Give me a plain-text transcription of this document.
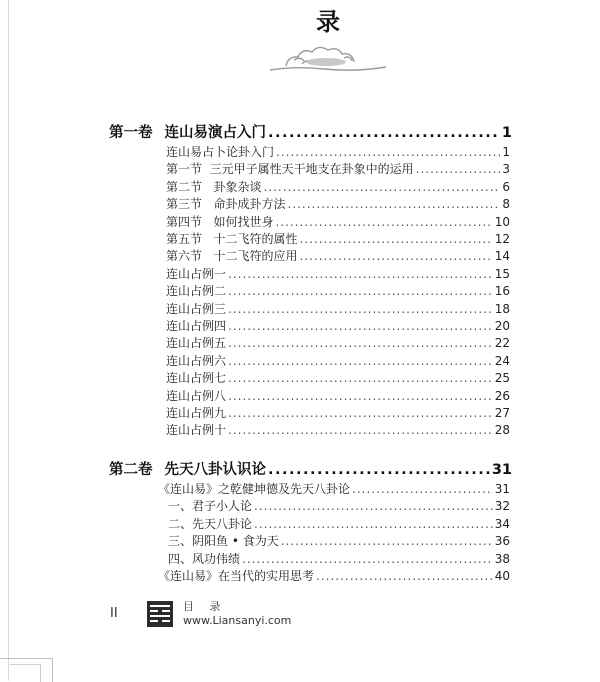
录
第一卷 连山易演占入门 .....	1
连山易占卜论卦入门 .....	1
第一节  三元甲子属性天干地支在卦象中的运用 .....	3
第二节   卦象杂谈 .....	6
第三节   命卦成卦方法 .....	8
第四节   如何找世身 .....	10
第五节   十二飞符的属性 .....	12
第六节   十二飞符的应用 .....	14
连山占例一 .....	15
连山占例二 .....	16
连山占例三 .....	18
连山占例四 .....	20
连山占例五 .....	22
连山占例六 .....	24
连山占例七 .....	25
连山占例八 .....	26
连山占例九 .....	27
连山占例十 .....	28
第二卷 先天八卦认识论 .....	31
《连山易》之乾健坤德及先天八卦论 .....	31
一、君子小人论 .....	32
二、先天八卦论 .....	34
三、阴阳鱼 • 食为天 .....	36
四、风功伟绩 .....	38
《连山易》在当代的实用思考 .....	40
II	目 录
www.Liansanyi.com
